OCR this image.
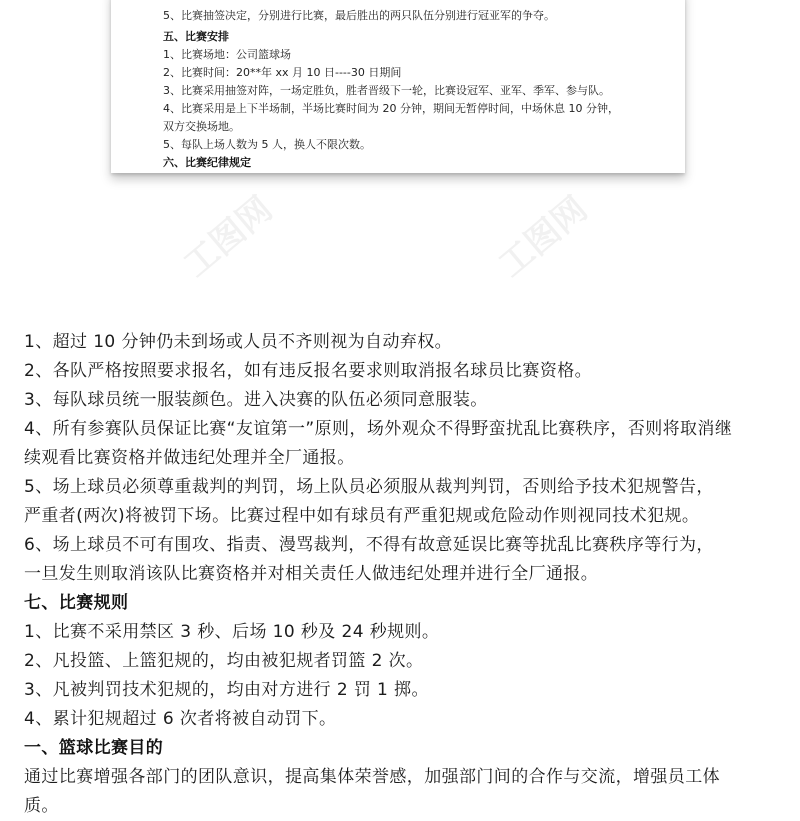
5、比赛抽签决定，分别进行比赛，最后胜出的两只队伍分别进行冠亚军的争夺。
五、比赛安排
1、比赛场地：公司篮球场
2、比赛时间：20**年 xx 月 10 日----30 日期间
3、比赛采用抽签对阵，一场定胜负，胜者晋级下一轮，比赛设冠军、亚军、季军、参与队。
4、比赛采用是上下半场制，半场比赛时间为 20 分钟，期间无暂停时间，中场休息 10 分钟，
双方交换场地。
5、每队上场人数为 5 人，换人不限次数。
六、比赛纪律规定
工图网	工图网
1、超过 10 分钟仍未到场或人员不齐则视为自动弃权。
2、各队严格按照要求报名，如有违反报名要求则取消报名球员比赛资格。
3、每队球员统一服装颜色。进入决赛的队伍必须同意服装。
4、所有参赛队员保证比赛“友谊第一”原则，场外观众不得野蛮扰乱比赛秩序，否则将取消继
续观看比赛资格并做违纪处理并全厂通报。
5、场上球员必须尊重裁判的判罚，场上队员必须服从裁判判罚，否则给予技术犯规警告，
严重者(两次)将被罚下场。比赛过程中如有球员有严重犯规或危险动作则视同技术犯规。
6、场上球员不可有围攻、指责、漫骂裁判，不得有故意延误比赛等扰乱比赛秩序等行为，
一旦发生则取消该队比赛资格并对相关责任人做违纪处理并进行全厂通报。
七、比赛规则
1、比赛不采用禁区 3 秒、后场 10 秒及 24 秒规则。
2、凡投篮、上篮犯规的，均由被犯规者罚篮 2 次。
3、凡被判罚技术犯规的，均由对方进行 2 罚 1 掷。
4、累计犯规超过 6 次者将被自动罚下。
一、篮球比赛目的
通过比赛增强各部门的团队意识，提高集体荣誉感，加强部门间的合作与交流，增强员工体
质。
